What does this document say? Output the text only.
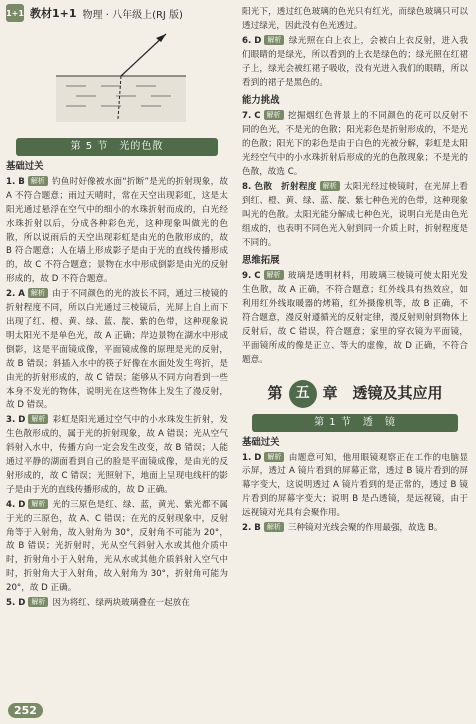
1+1 教材1+1 物理 · 八年级上(RJ 版)
第 5 节　光的色散
基础过关
1. B 解析 钓鱼时好像被水面“折断”是光的折射现象，故 A 不符合题意；雨过天晴时，常在天空出现彩虹，这是太阳光通过悬浮在空气中的细小的水珠折射而成的，白光经水珠折射以后，分成各种彩色光，这种现象叫做光的色散，所以说雨后的天空出现彩虹是由光的色散形成的，故 B 符合题意；人在墙上形成影子是由于光的直线传播形成的，故 C 不符合题意；景物在水中形成倒影是由光的反射形成的，故 D 不符合题意。
2. A 解析 由于不同颜色的光的波长不同，通过三棱镜的折射程度不同，所以白光通过三棱镜后，光屏上自上而下出现了红、橙、黄、绿、蓝、靛、紫的色带，这种现象说明太阳光不是单色光，故 A 正确；岸边景物在湖水中形成倒影，这是平面镜成像，平面镜成像的原理是光的反射，故 B 错误；斜插入水中的筷子好像在水面处发生弯折，是由光的折射形成的，故 C 错误；能够从不同方向看到一些本身不发光的物体，说明光在这些物体上发生了漫反射，故 D 错误。
3. D 解析 彩虹是阳光通过空气中的小水珠发生折射，发生色散形成的，属于光的折射现象，故 A 错误；光从空气斜射入水中，传播方向一定会发生改变，故 B 错误；人能通过平静的湖面看到自己的脸是平面镜成像，是由光的反射形成的，故 C 错误；光照射下，地面上呈现电线杆的影子是由于光的直线传播形成的，故 D 正确。
4. D 解析 光的三原色是红、绿、蓝，黄光、紫光都不属于光的三原色，故 A、C 错误；在光的反射现象中，反射角等于入射角，故入射角为 30°，反射角不可能为 20°，故 B 错误；光折射时，光从空气斜射入水或其他介质中时，折射角小于入射角，光从水或其他介质斜射入空气中时，折射角大于入射角，故入射角为 30°，折射角可能为 20°，故 D 正确。
5. D 解析 因为将红、绿两块玻璃叠在一起放在
阳光下，透过红色玻璃的色光只有红光，而绿色玻璃只可以透过绿光，因此没有色光透过。
6. D 解析 绿光照在白上衣上，会被白上衣反射，进入我们眼睛的是绿光，所以看到的上衣是绿色的；绿光照在红裙子上，绿光会被红裙子吸收，没有光进入我们的眼睛，所以看到的裙子是黑色的。
能力挑战
7. C 解析 挖掘烟红色背景上的不同颜色的花可以反射不同的色光，不是光的色散；阳光彩色是折射形成的，不是光的色散；阳光下的彩色是由于白色的光被分解，彩虹是太阳光经空气中的小水珠折射后形成的光的色散现象；不是光的色散，故选 C。
8. 色散　折射程度 解析 太阳光经过棱镜时，在光屏上看到红、橙、黄、绿、蓝、靛、紫七种色光的色带，这种现象叫光的色散。太阳光能分解成七种色光，说明白光是由色光组成的，也表明不同色光入射到同一介质上时，折射程度是不同的。
思维拓展
9. C 解析 玻璃是透明材料，用玻璃三棱镜可使太阳光发生色散，故 A 正确，不符合题意；红外线具有热效应，如利用红外线取暖器的烤箱，红外摄像机等，故 B 正确，不符合题意，漫反射遵循光的反射定律，漫反射则射到物体上反射后，故 C 错误，符合题意；家里的穿衣镜为平面镜，平面镜所成的像是正立、等大的虚像，故 D 正确，不符合题意。
第 五 章　透镜及其应用
第 1 节　透　镜
基础过关
1. D 解析 由题意可知，他用眼镜观察正在工作的电脑显示屏，透过 A 镜片看到的屏幕正常，透过 B 镜片看到的屏幕字变大，这说明透过 A 镜片看到的是正常的，透过 B 镜片看到的屏幕字变大；说明 B 是凸透镜，是远视镜，由于远视镜对光具有会聚作用。
2. B 解析 三种镜对光线会聚的作用最强，故选 B。
252
